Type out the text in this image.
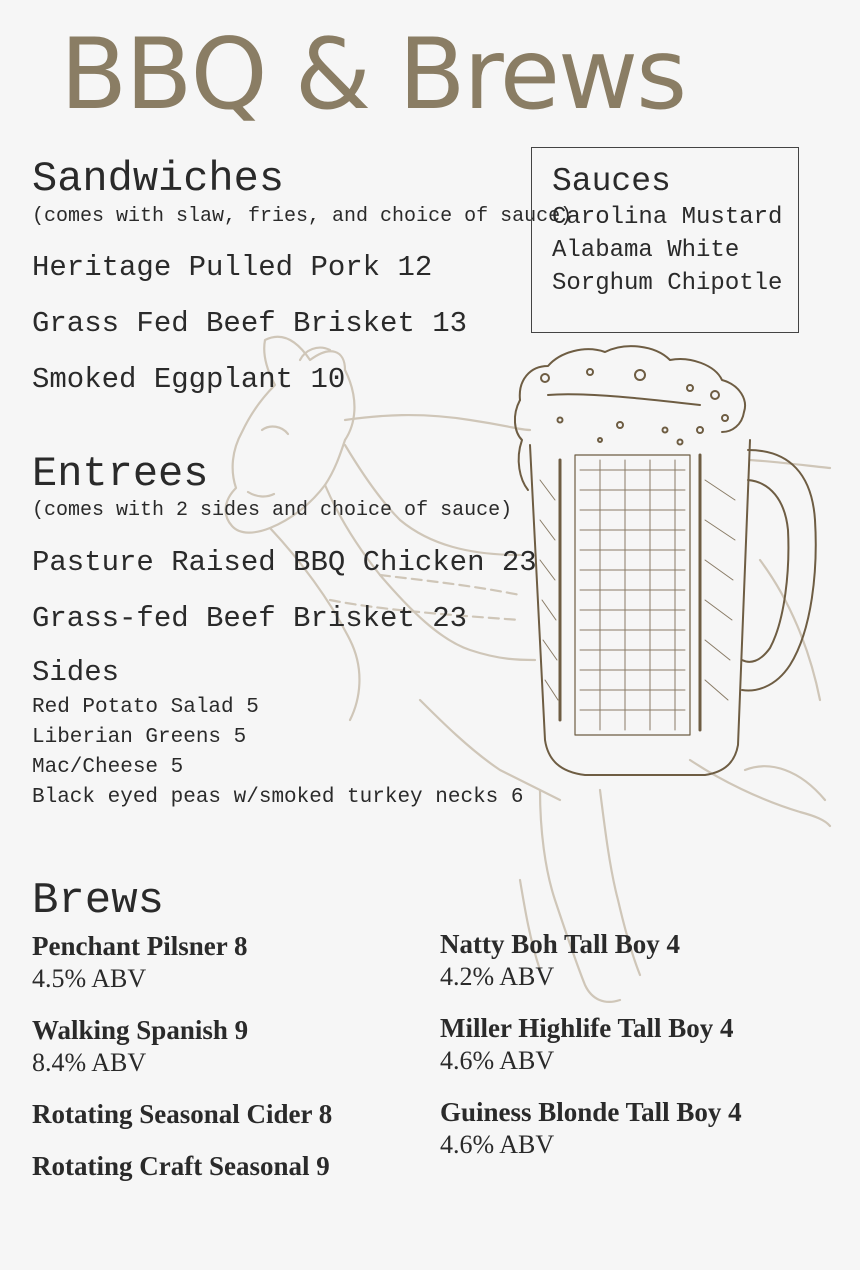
BBQ & Brews
Sandwiches
(comes with slaw, fries, and choice of sauce)
Heritage Pulled Pork 12
Grass Fed Beef Brisket 13
Smoked Eggplant 10
Sauces
Carolina Mustard
Alabama White
Sorghum Chipotle
Entrees
(comes with 2 sides and choice of sauce)
Pasture Raised BBQ Chicken 23
Grass-fed Beef Brisket 23
Sides
Red Potato Salad 5
Liberian Greens 5
Mac/Cheese 5
Black eyed peas w/smoked turkey necks 6
Brews
Penchant Pilsner 8
4.5% ABV
Walking Spanish 9
8.4% ABV
Rotating Seasonal Cider 8
Rotating Craft Seasonal 9
Natty Boh Tall Boy 4
4.2% ABV
Miller Highlife Tall Boy 4
4.6% ABV
Guiness Blonde Tall Boy 4
4.6% ABV
